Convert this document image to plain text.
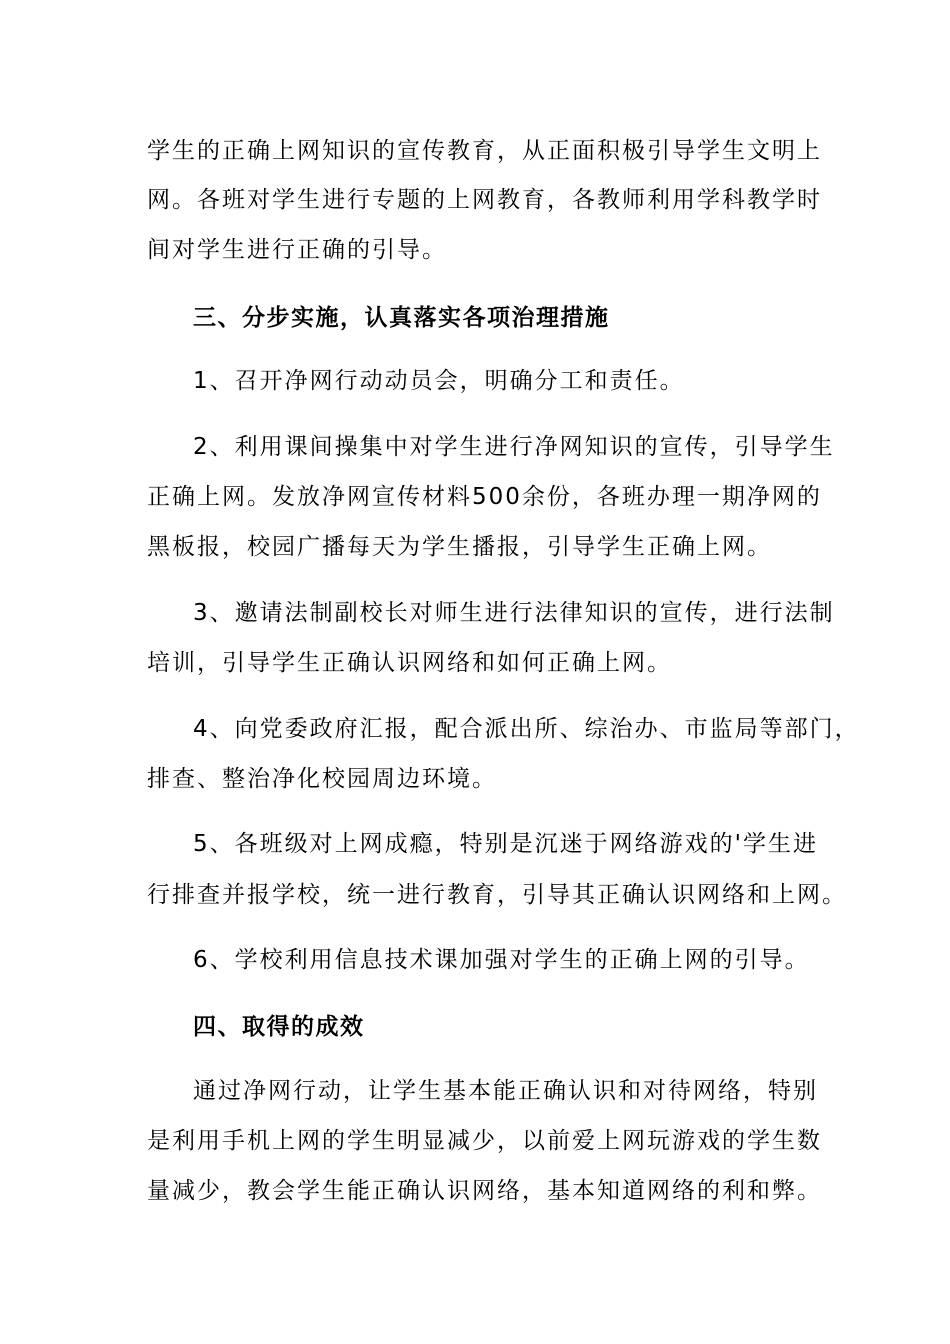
学生的正确上网知识的宣传教育，从正面积极引导学生文明上
网。各班对学生进行专题的上网教育，各教师利用学科教学时
间对学生进行正确的引导。
三、分步实施，认真落实各项治理措施
1、召开净网行动动员会，明确分工和责任。
2、利用课间操集中对学生进行净网知识的宣传，引导学生
正确上网。发放净网宣传材料500余份，各班办理一期净网的
黑板报，校园广播每天为学生播报，引导学生正确上网。
3、邀请法制副校长对师生进行法律知识的宣传，进行法制
培训，引导学生正确认识网络和如何正确上网。
4、向党委政府汇报，配合派出所、综治办、市监局等部门，
排查、整治净化校园周边环境。
5、各班级对上网成瘾，特别是沉迷于网络游戏的'学生进
行排查并报学校，统一进行教育，引导其正确认识网络和上网。
6、学校利用信息技术课加强对学生的正确上网的引导。
四、取得的成效
通过净网行动，让学生基本能正确认识和对待网络，特别
是利用手机上网的学生明显减少，以前爱上网玩游戏的学生数
量减少，教会学生能正确认识网络，基本知道网络的利和弊。
